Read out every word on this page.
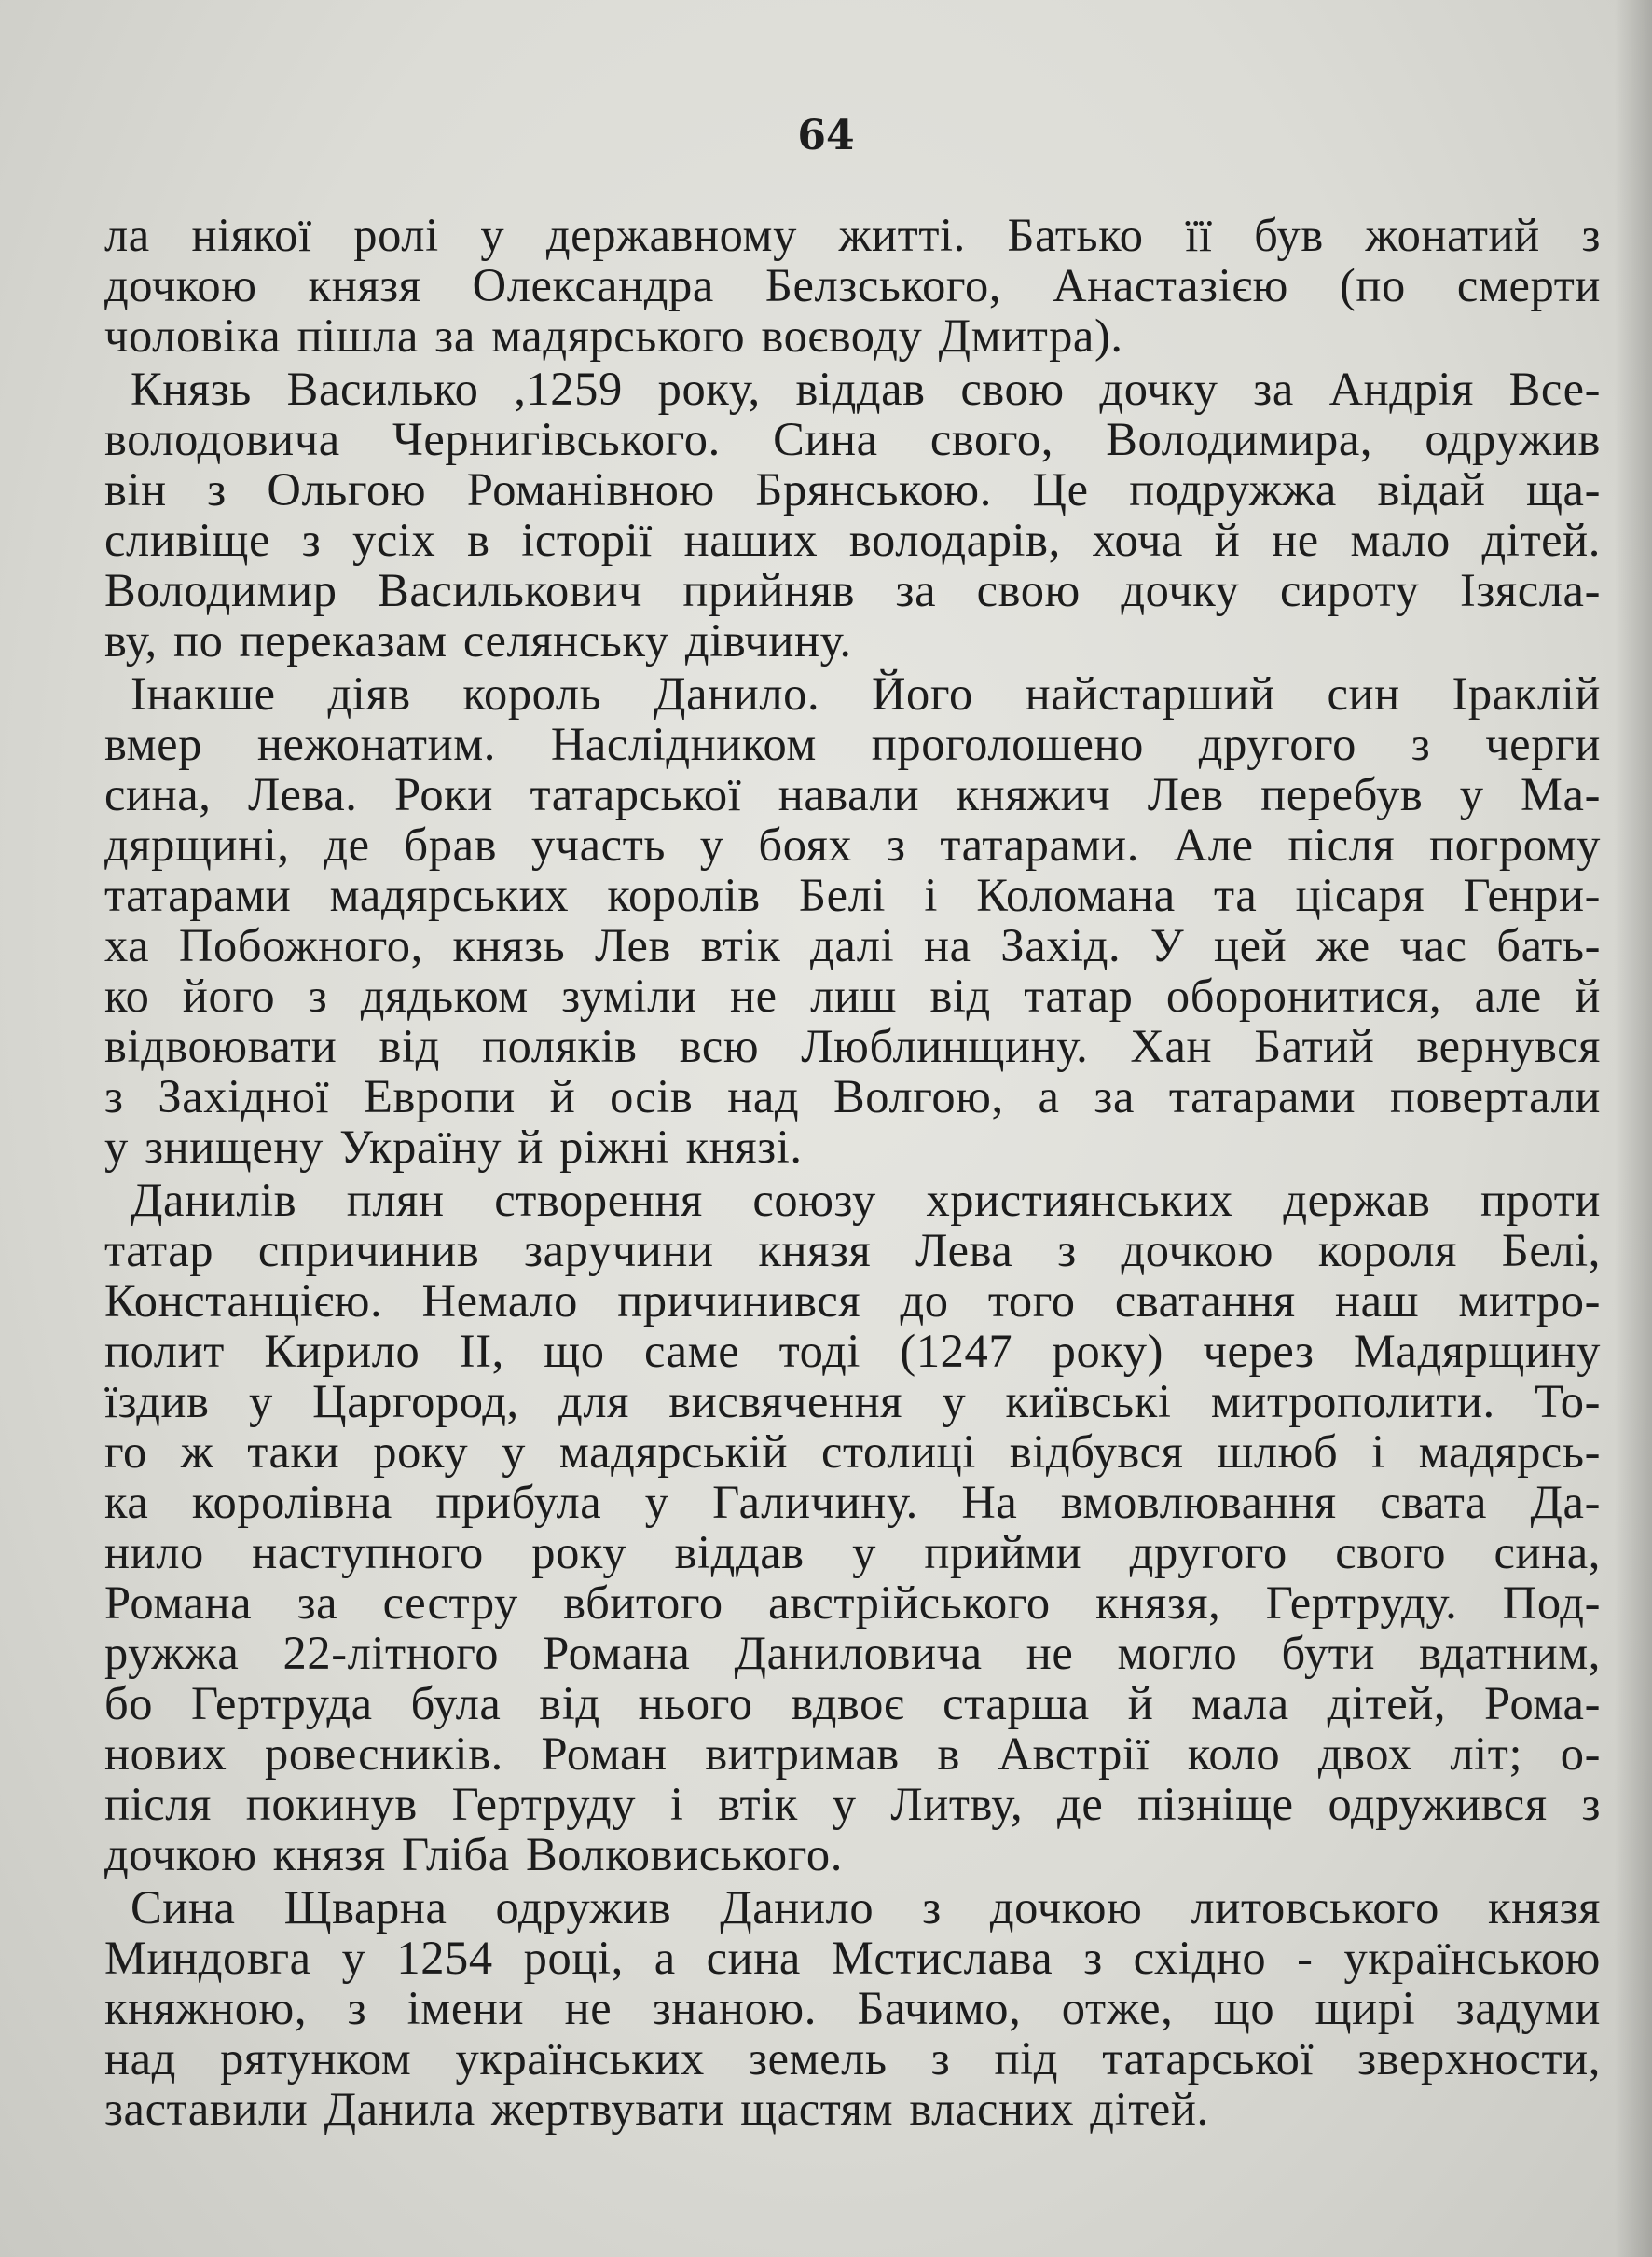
64

ла ніякої ролі у державному житті. Батько її був жонатий з
дочкою князя Олександра Белзського, Анастазією (по смерти
чоловіка пішла за мадярського воєводу Дмитра).
Князь Василько ,1259 року, віддав свою дочку за Андрія Все-
володовича Чернигівського. Сина свого, Володимира, одружив
він з Ольгою Романівною Брянською. Це подружжа відай ща-
сливіще з усіх в історії наших володарів, хоча й не мало дітей.
Володимир Василькович прийняв за свою дочку сироту Ізясла-
ву, по переказам селянську дівчину.
Інакше діяв король Данило. Його найстарший син Іраклій
вмер нежонатим. Наслідником проголошено другого з черги
сина, Лева. Роки татарської навали княжич Лев перебув у Ма-
дярщині, де брав участь у боях з татарами. Але після погрому
татарами мадярських королів Белі і Коломана та цісаря Генри-
ха Побожного, князь Лев втік далі на Захід. У цей же час бать-
ко його з дядьком зуміли не лиш від татар оборонитися, але й
відвоювати від поляків всю Люблинщину. Хан Батий вернувся
з Західної Европи й осів над Волгою, а за татарами повертали
у знищену Україну й ріжні князі.
Данилів плян створення союзу християнських держав проти
татар спричинив заручини князя Лева з дочкою короля Белі,
Констанцією. Немало причинився до того сватання наш митро-
полит Кирило ІІ, що саме тоді (1247 року) через Мадярщину
їздив у Царгород, для висвячення у київські митрополити. То-
го ж таки року у мадярській столиці відбувся шлюб і мадярсь-
ка королівна прибула у Галичину. На вмовлювання свата Да-
нило наступного року віддав у прийми другого свого сина,
Романа за сестру вбитого австрійського князя, Гертруду. Под-
ружжа 22-літного Романа Даниловича не могло бути вдатним,
бо Гертруда була від нього вдвоє старша й мала дітей, Рома-
нових ровесників. Роман витримав в Австрії коло двох літ; о-
після покинув Гертруду і втік у Литву, де пізніще одружився з
дочкою князя Гліба Волковиського.
Сина Щварна одружив Данило з дочкою литовського князя
Миндовга у 1254 році, а сина Мстислава з східно - українською
княжною, з імени не знаною. Бачимо, отже, що щирі задуми
над рятунком українських земель з під татарської зверхности,
заставили Данила жертвувати щастям власних дітей.
